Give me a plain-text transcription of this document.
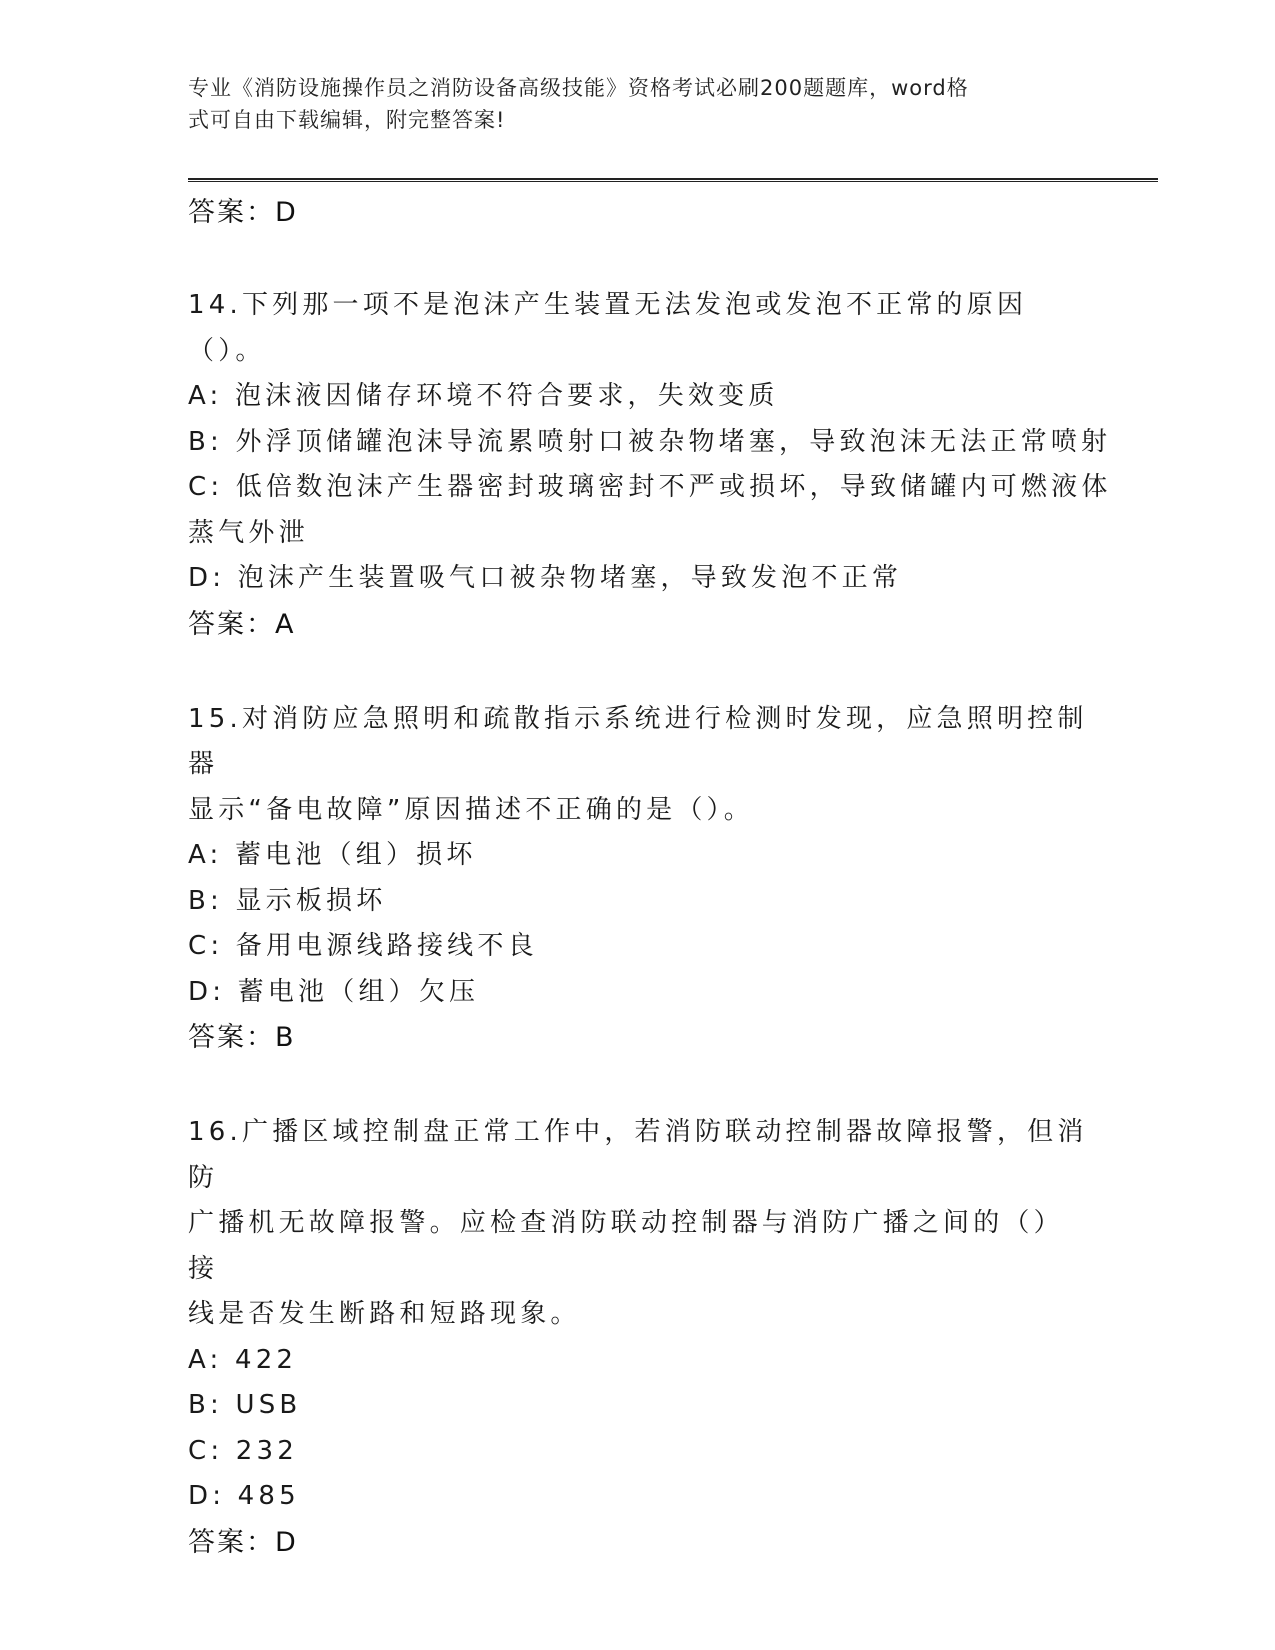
专业《消防设施操作员之消防设备高级技能》资格考试必刷200题题库，word格
式可自由下载编辑，附完整答案!

答案：D

14.下列那一项不是泡沫产生装置无法发泡或发泡不正常的原因（）。

A: 泡沫液因储存环境不符合要求，失效变质

B: 外浮顶储罐泡沫导流累喷射口被杂物堵塞，导致泡沫无法正常喷射

C: 低倍数泡沫产生器密封玻璃密封不严或损坏，导致储罐内可燃液体

蒸气外泄

D: 泡沫产生装置吸气口被杂物堵塞，导致发泡不正常

答案：A

15.对消防应急照明和疏散指示系统进行检测时发现，应急照明控制器

显示“备电故障”原因描述不正确的是（）。

A: 蓄电池（组）损坏

B: 显示板损坏

C: 备用电源线路接线不良

D: 蓄电池（组）欠压

答案：B

16.广播区域控制盘正常工作中，若消防联动控制器故障报警，但消防

广播机无故障报警。应检查消防联动控制器与消防广播之间的（）接

线是否发生断路和短路现象。

A: 422

B: USB

C: 232

D: 485

答案：D
